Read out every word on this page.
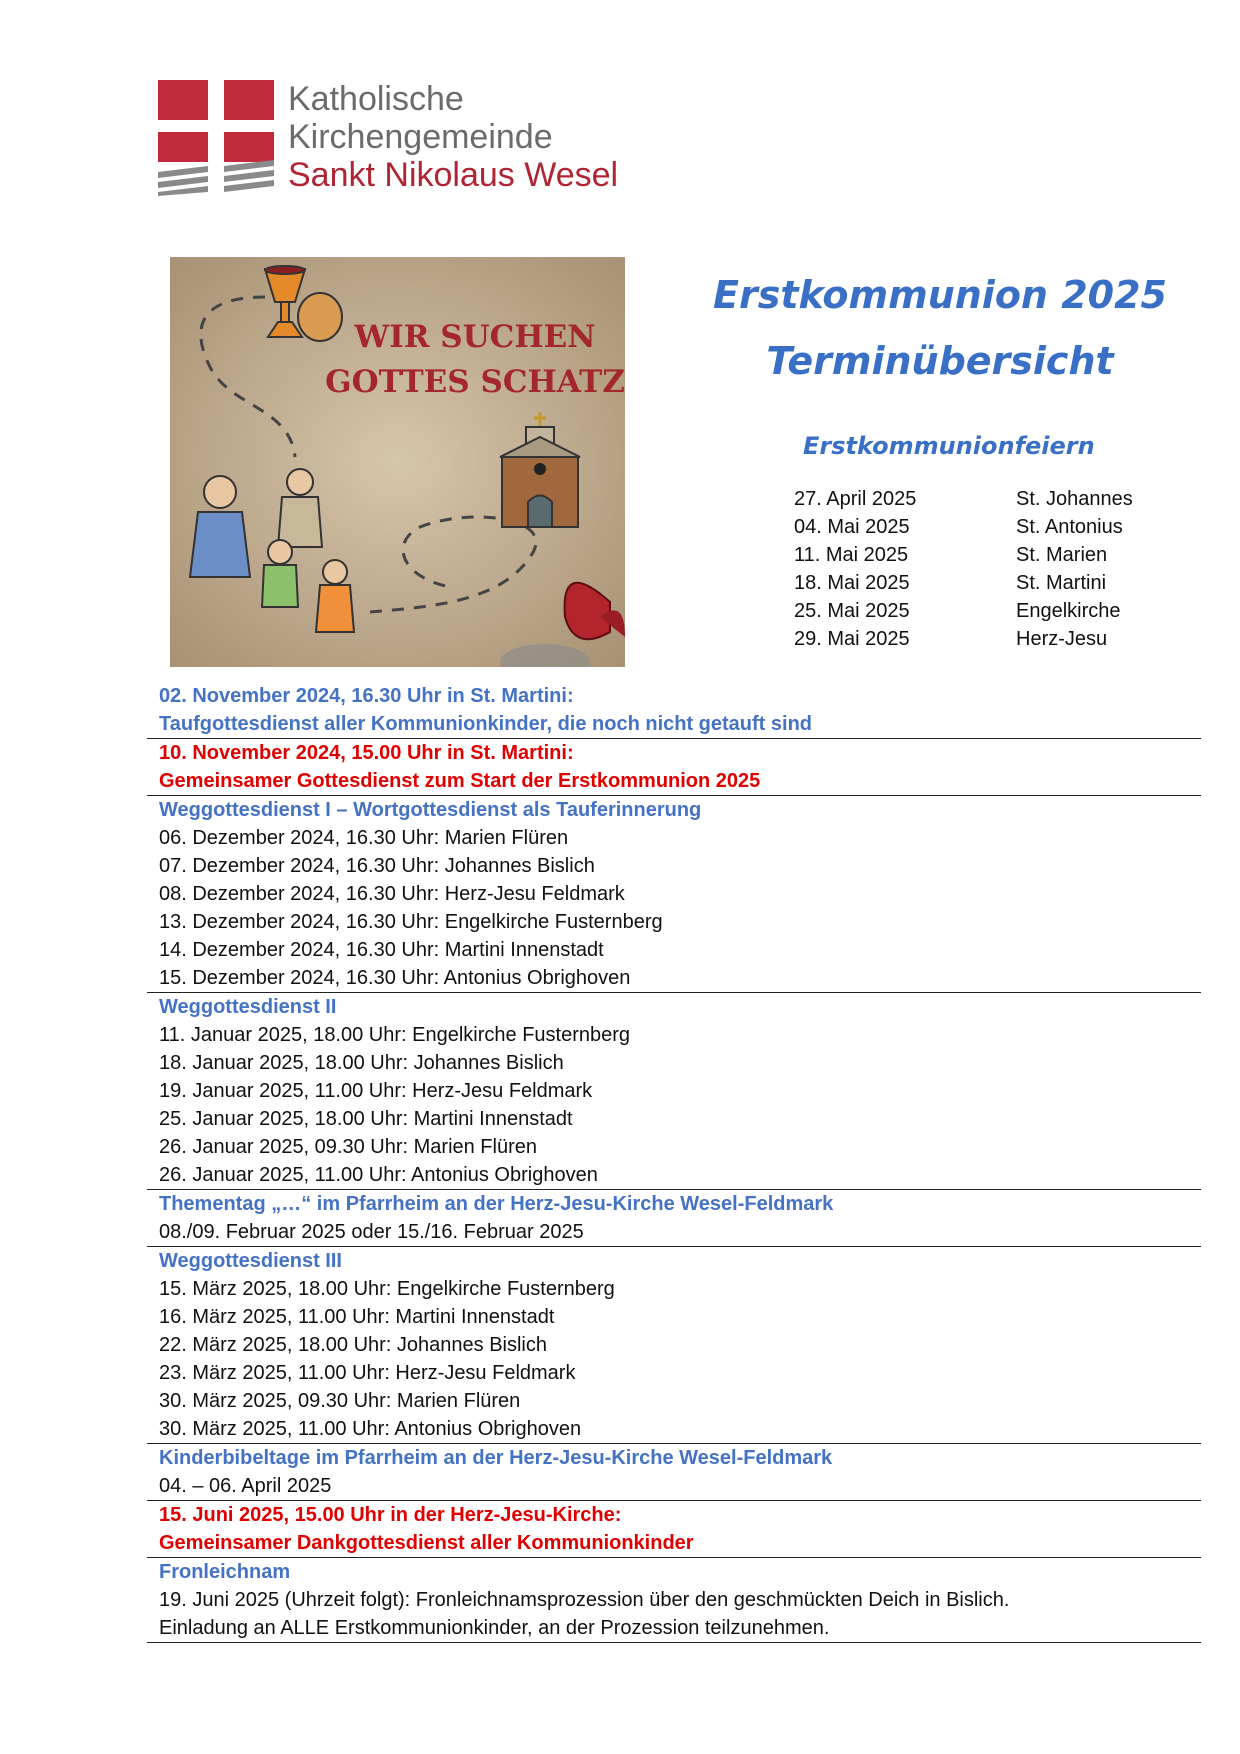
Katholische
Kirchengemeinde
Sankt Nikolaus Wesel
WIR SUCHEN
GOTTES SCHATZ
Erstkommunion 2025
Terminübersicht
Erstkommunionfeiern
27. April 2025	St. Johannes
04. Mai 2025	St. Antonius
11. Mai 2025	St. Marien
18. Mai 2025	St. Martini
25. Mai 2025	Engelkirche
29. Mai 2025	Herz-Jesu
02. November 2024, 16.30 Uhr in St. Martini:
Taufgottesdienst aller Kommunionkinder, die noch nicht getauft sind
10. November 2024, 15.00 Uhr in St. Martini:
Gemeinsamer Gottesdienst zum Start der Erstkommunion 2025
Weggottesdienst I – Wortgottesdienst als Tauferinnerung
06. Dezember 2024, 16.30 Uhr: Marien Flüren
07. Dezember 2024, 16.30 Uhr: Johannes Bislich
08. Dezember 2024, 16.30 Uhr: Herz-Jesu Feldmark
13. Dezember 2024, 16.30 Uhr: Engelkirche Fusternberg
14. Dezember 2024, 16.30 Uhr: Martini Innenstadt
15. Dezember 2024, 16.30 Uhr: Antonius Obrighoven
Weggottesdienst II
11. Januar 2025, 18.00 Uhr: Engelkirche Fusternberg
18. Januar 2025, 18.00 Uhr: Johannes Bislich
19. Januar 2025, 11.00 Uhr: Herz-Jesu Feldmark
25. Januar 2025, 18.00 Uhr: Martini Innenstadt
26. Januar 2025, 09.30 Uhr: Marien Flüren
26. Januar 2025, 11.00 Uhr: Antonius Obrighoven
Thementag „…“ im Pfarrheim an der Herz-Jesu-Kirche Wesel-Feldmark
08./09. Februar 2025 oder 15./16. Februar 2025
Weggottesdienst III
15. März 2025, 18.00 Uhr: Engelkirche Fusternberg
16. März 2025, 11.00 Uhr: Martini Innenstadt
22. März 2025, 18.00 Uhr: Johannes Bislich
23. März 2025, 11.00 Uhr: Herz-Jesu Feldmark
30. März 2025, 09.30 Uhr: Marien Flüren
30. März 2025, 11.00 Uhr: Antonius Obrighoven
Kinderbibeltage im Pfarrheim an der Herz-Jesu-Kirche Wesel-Feldmark
04. – 06. April 2025
15. Juni 2025, 15.00 Uhr in der Herz-Jesu-Kirche:
Gemeinsamer Dankgottesdienst aller Kommunionkinder
Fronleichnam
19. Juni 2025 (Uhrzeit folgt): Fronleichnamsprozession über den geschmückten Deich in Bislich.
Einladung an ALLE Erstkommunionkinder, an der Prozession teilzunehmen.
